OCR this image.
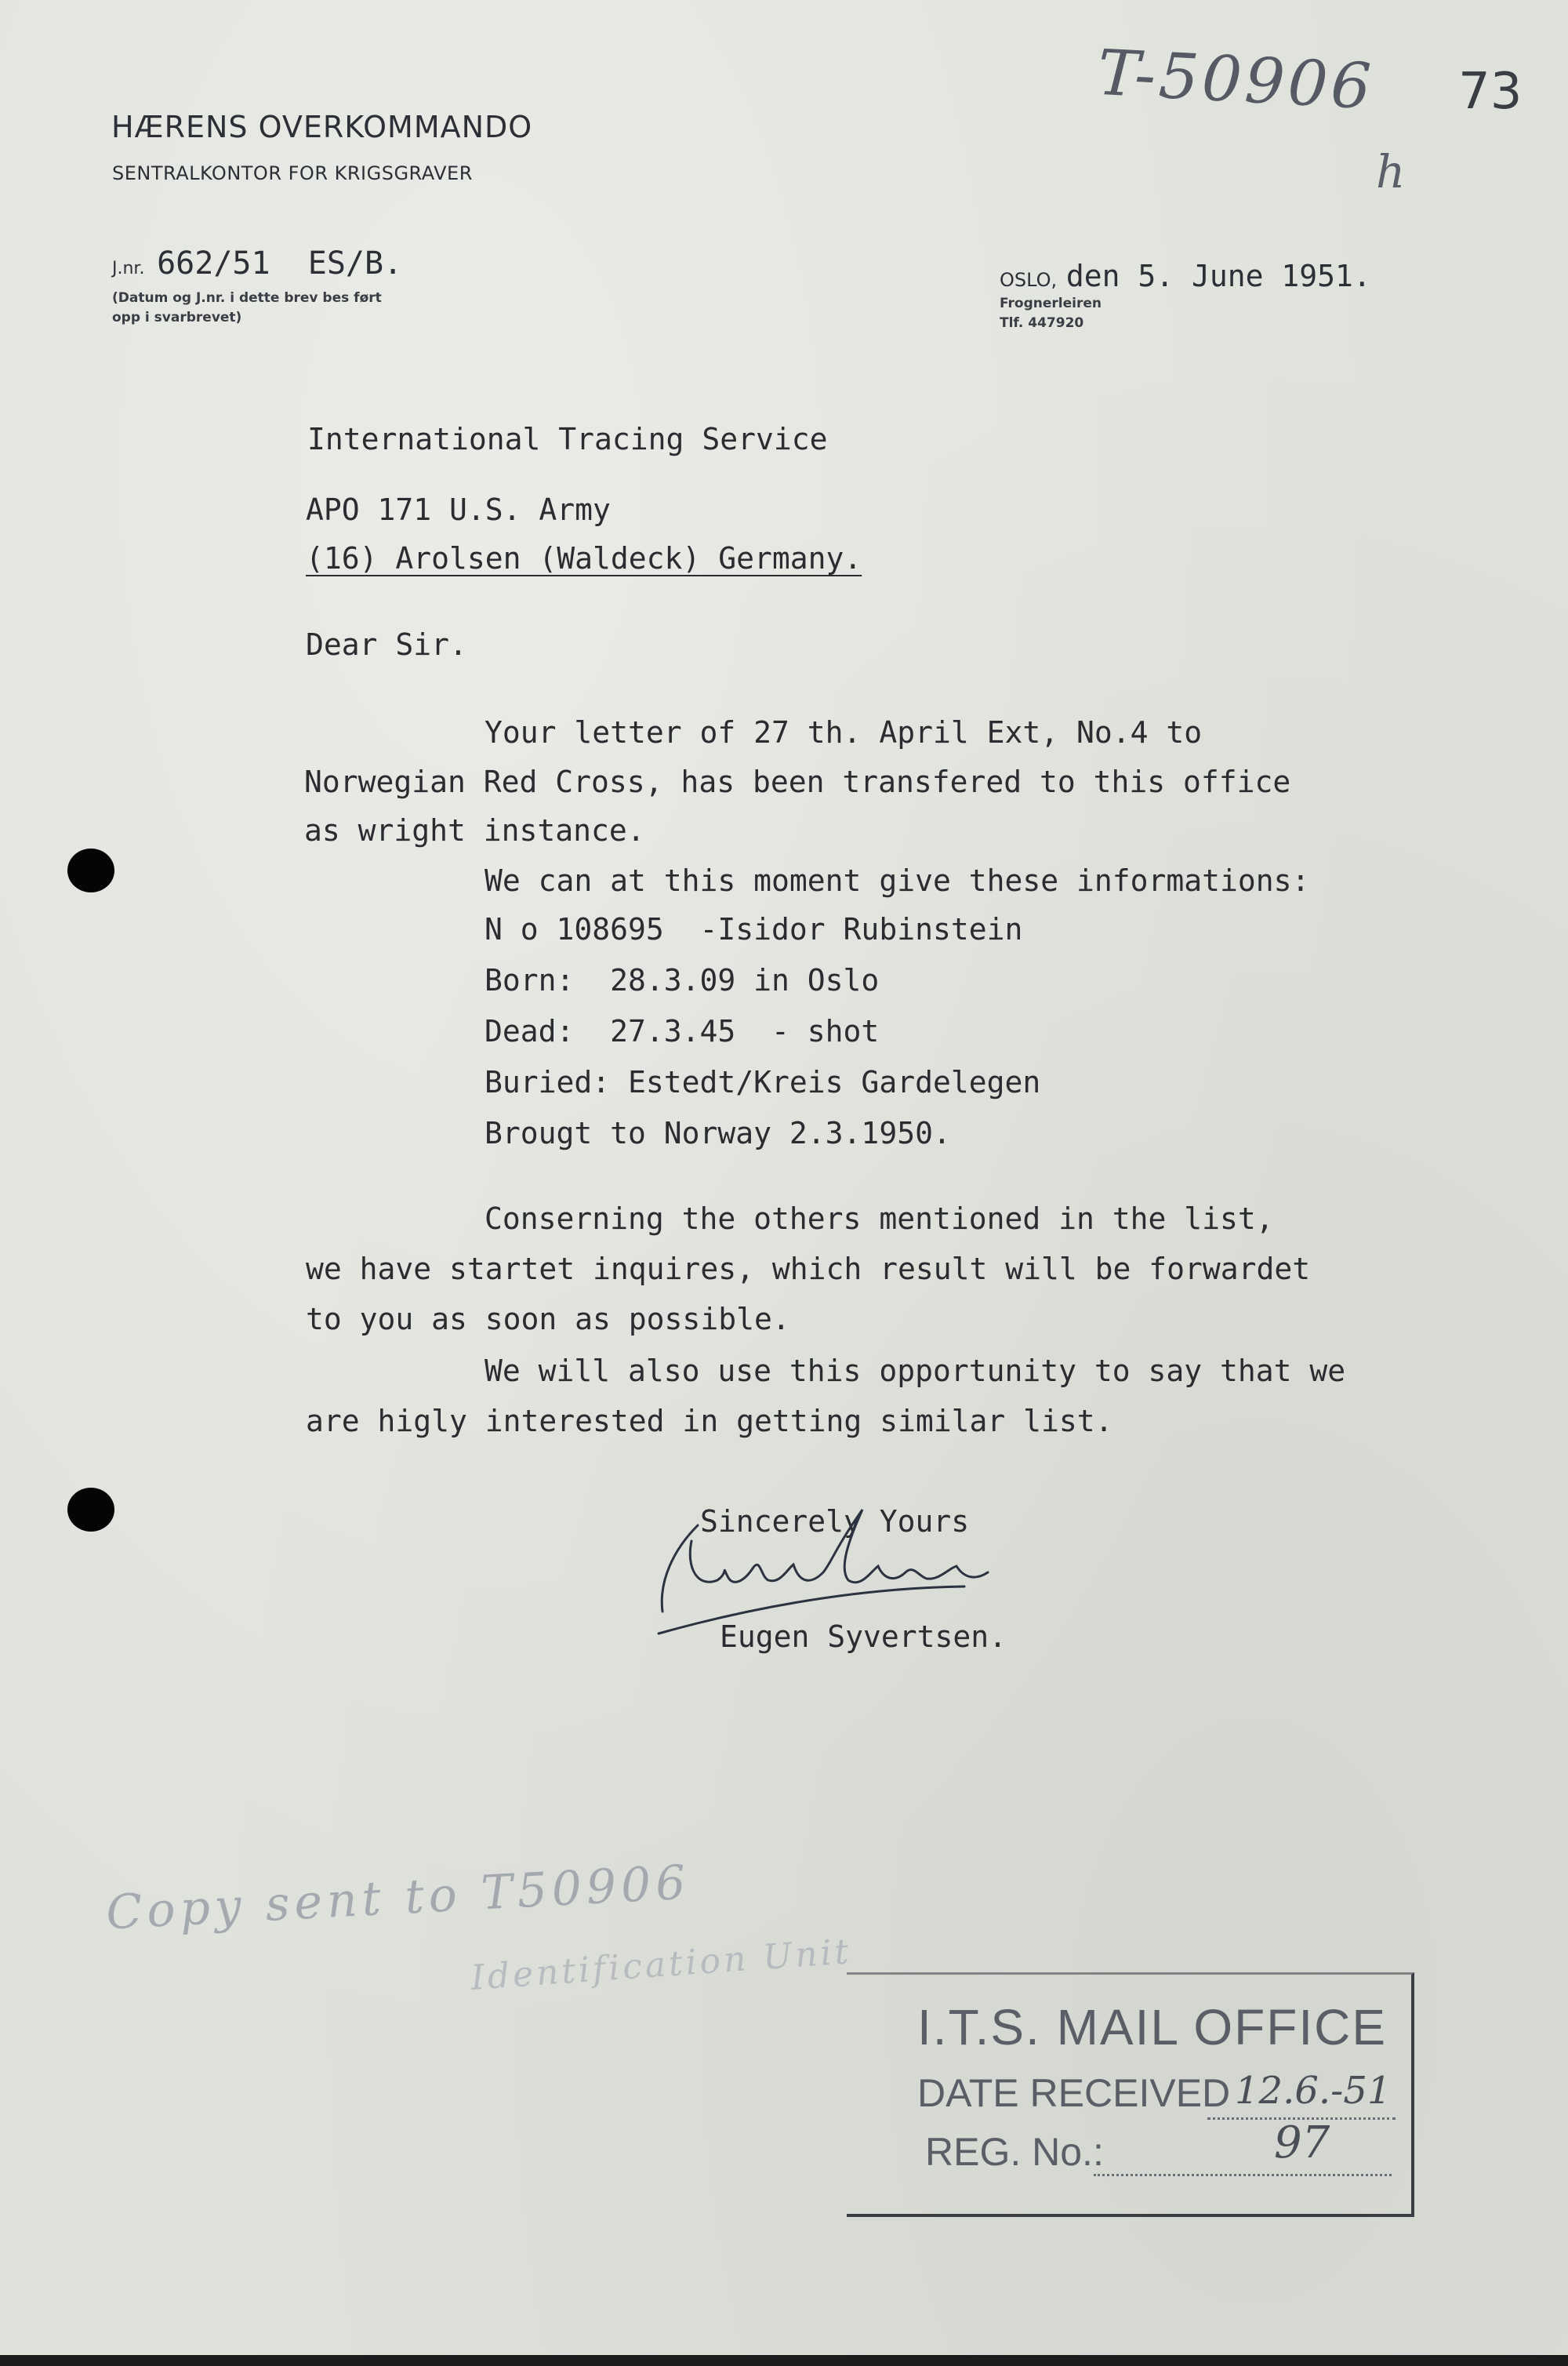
HÆRENS OVERKOMMANDO
SENTRALKONTOR FOR KRIGSGRAVER
J.nr. 662/51  ES/B.
(Datum og J.nr. i dette brev bes ført
opp i svarbrevet)
OSLO, den 5. June 1951.
Frognerleiren
Tlf. 447920
T-50906
h
73
International Tracing Service
APO 171 U.S. Army
(16) Arolsen (Waldeck) Germany.
Dear Sir.
Your letter of 27 th. April Ext, No.4 to
Norwegian Red Cross, has been transfered to this office
as wright instance.
We can at this moment give these informations:
N o 108695  -Isidor Rubinstein
Born:  28.3.09 in Oslo
Dead:  27.3.45  - shot
Buried: Estedt/Kreis Gardelegen
Brougt to Norway 2.3.1950.
Conserning the others mentioned in the list,
we have startet inquires, which result will be forwardet
to you as soon as possible.
We will also use this opportunity to say that we
are higly interested in getting similar list.
Sincerely Yours
Eugen Syvertsen.
Copy sent to T50906
Identification Unit
I.T.S. MAIL OFFICE
DATE RECEIVED 12.6.-51
REG. No.:	97
